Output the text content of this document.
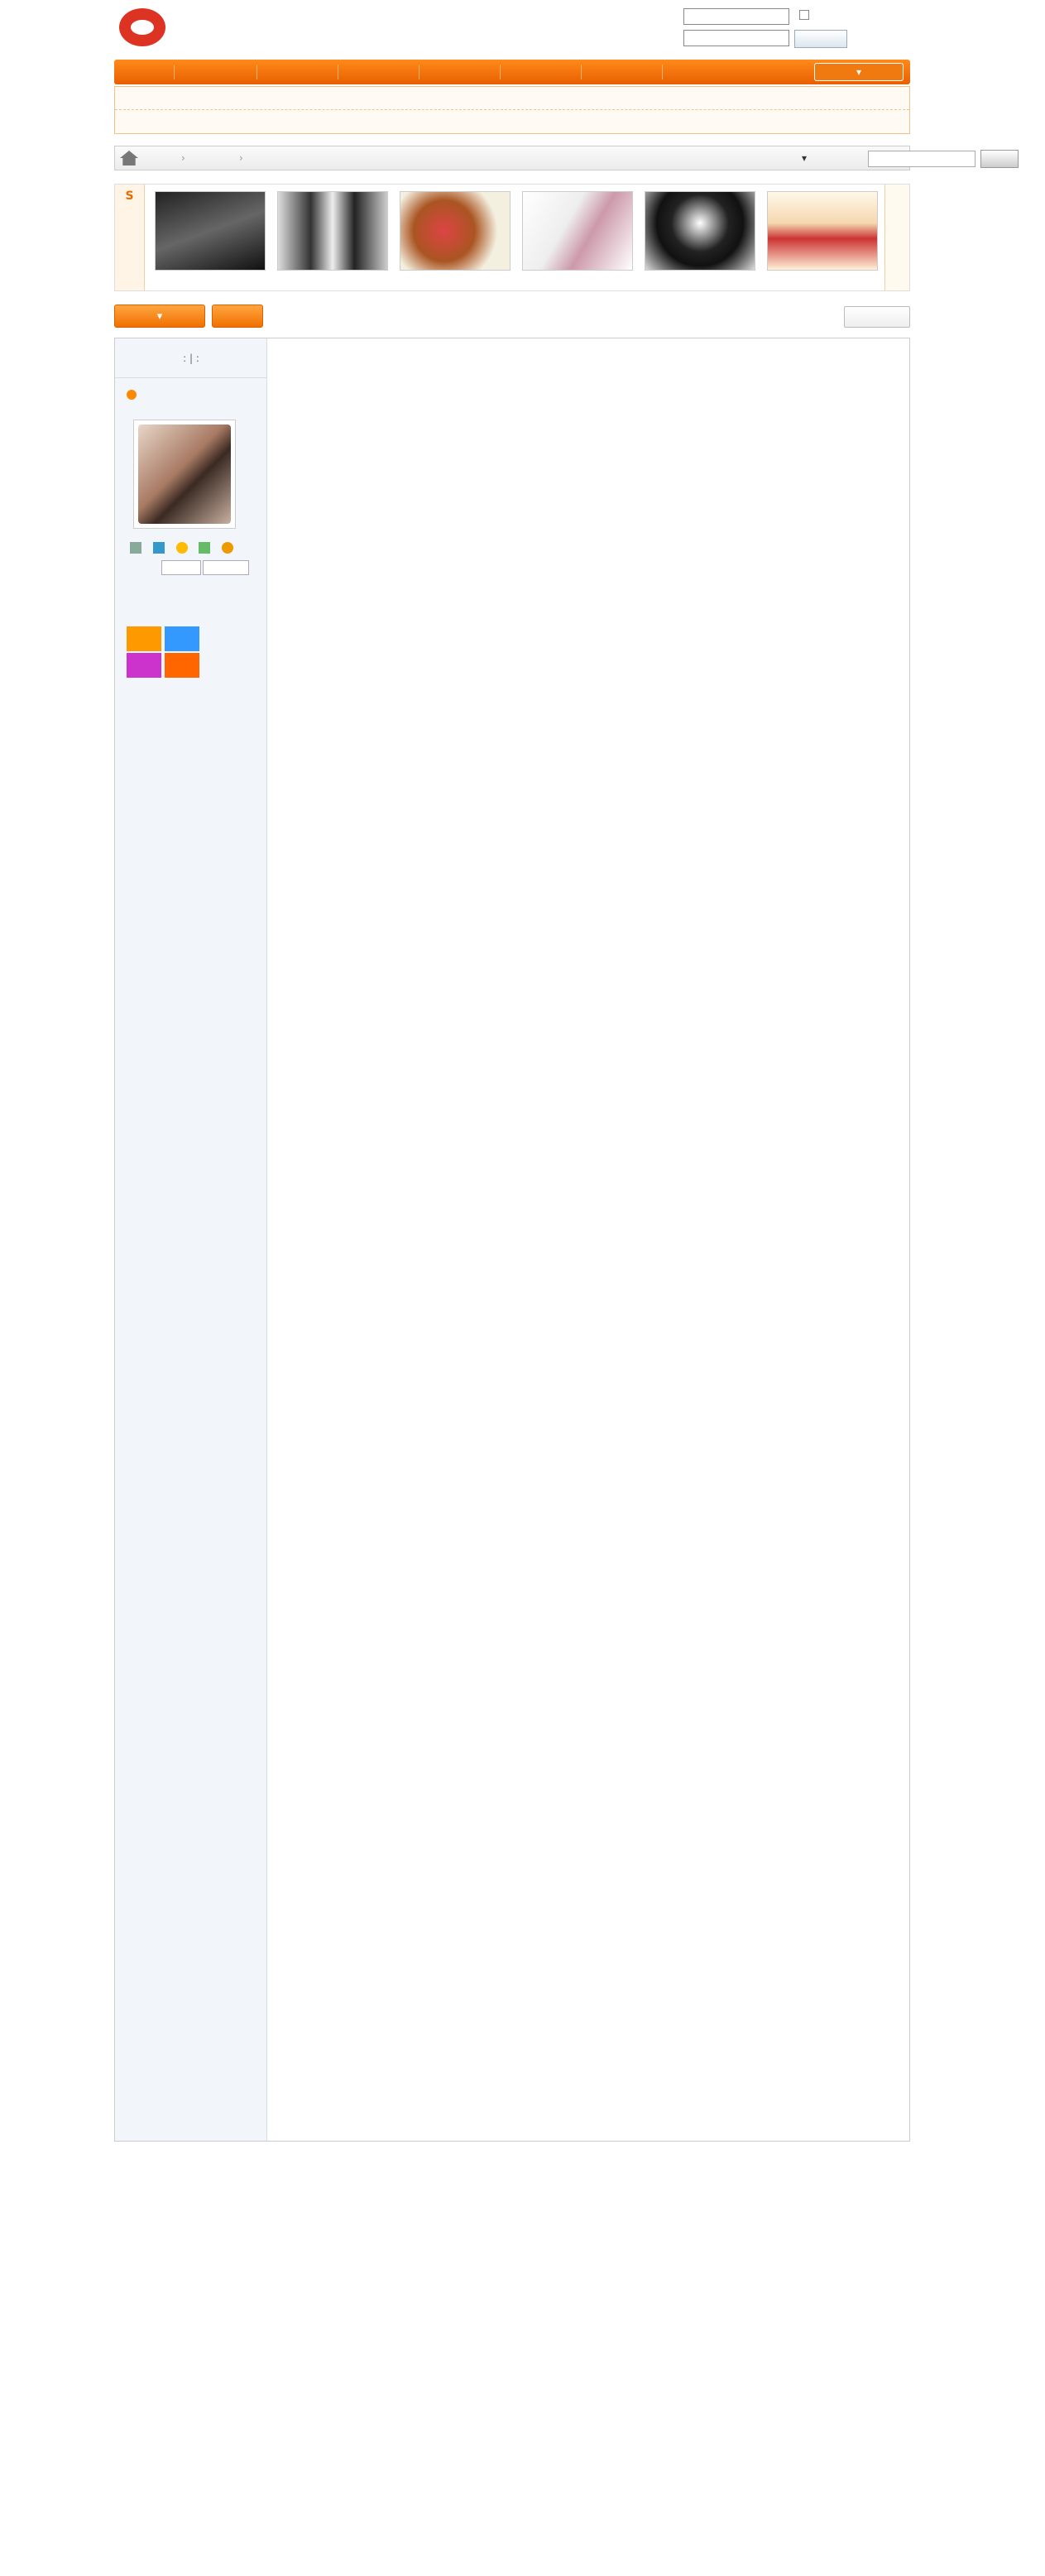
▾
›	›	▾
S

▾
: | :
